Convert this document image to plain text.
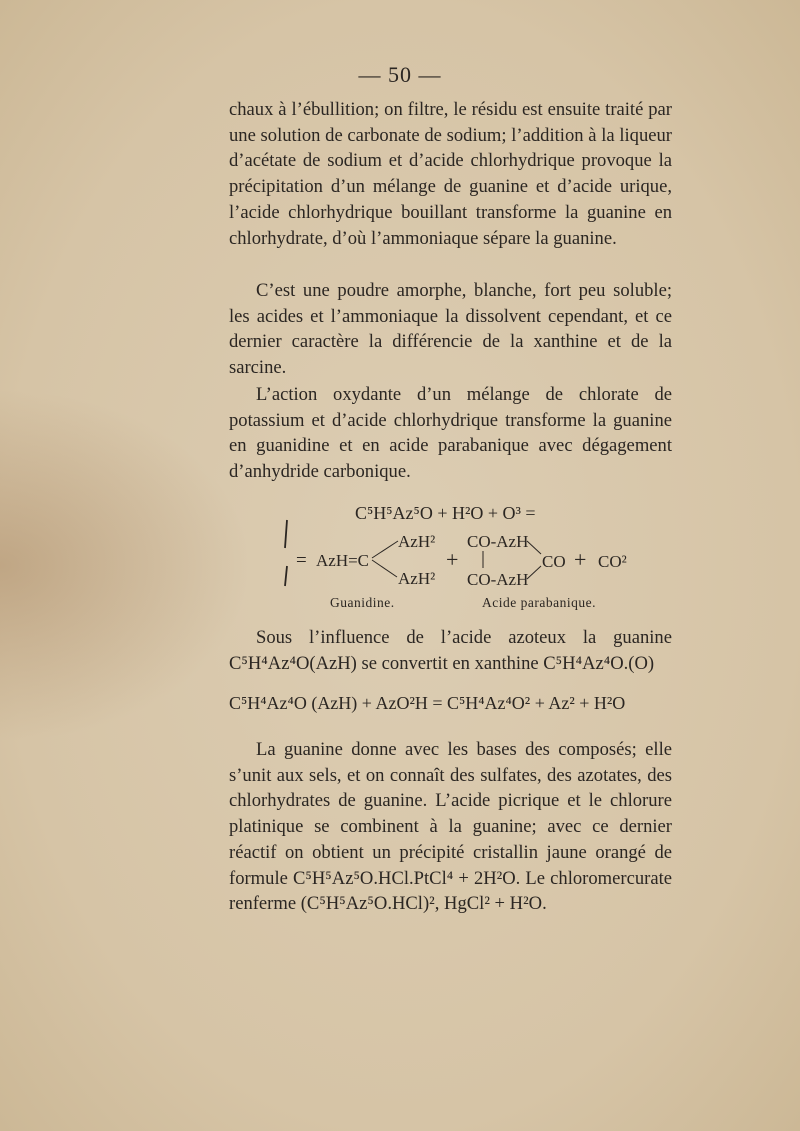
— 50 —

chaux à l’ébullition; on filtre, le résidu est ensuite traité par une solution de carbonate de sodium; l’addition à la liqueur d’acétate de sodium et d’acide chlorhydrique provoque la précipitation d’un mélange de guanine et d’acide urique, l’acide chlorhydrique bouillant transforme la guanine en chlorhydrate, d’où l’ammoniaque sépare la guanine.

C’est une poudre amorphe, blanche, fort peu soluble; les acides et l’ammoniaque la dissolvent cependant, et ce dernier caractère la différencie de la xanthine et de la sarcine.

L’action oxydante d’un mélange de chlorate de potassium et d’acide chlorhydrique transforme la guanine en guanidine et en acide parabanique avec dégagement d’anhydride carbonique.

C⁵H⁵Az⁵O + H²O + O³ =
= AzH=C
AzH²
AzH²
+
CO-AzH
CO-AzH
CO + CO²
Guanidine.	Acide parabanique.

Sous l’influence de l’acide azoteux la guanine C⁵H⁴Az⁴O(AzH) se convertit en xanthine C⁵H⁴Az⁴O.(O)

C⁵H⁴Az⁴O (AzH) + AzO²H = C⁵H⁴Az⁴O² + Az² + H²O

La guanine donne avec les bases des composés; elle s’unit aux sels, et on connaît des sulfates, des azotates, des chlorhydrates de guanine. L’acide picrique et le chlorure platinique se combinent à la guanine; avec ce dernier réactif on obtient un précipité cristallin jaune orangé de formule C⁵H⁵Az⁵O.HCl.PtCl⁴ + 2H²O. Le chloromercurate renferme (C⁵H⁵Az⁵O.HCl)², HgCl² + H²O.
